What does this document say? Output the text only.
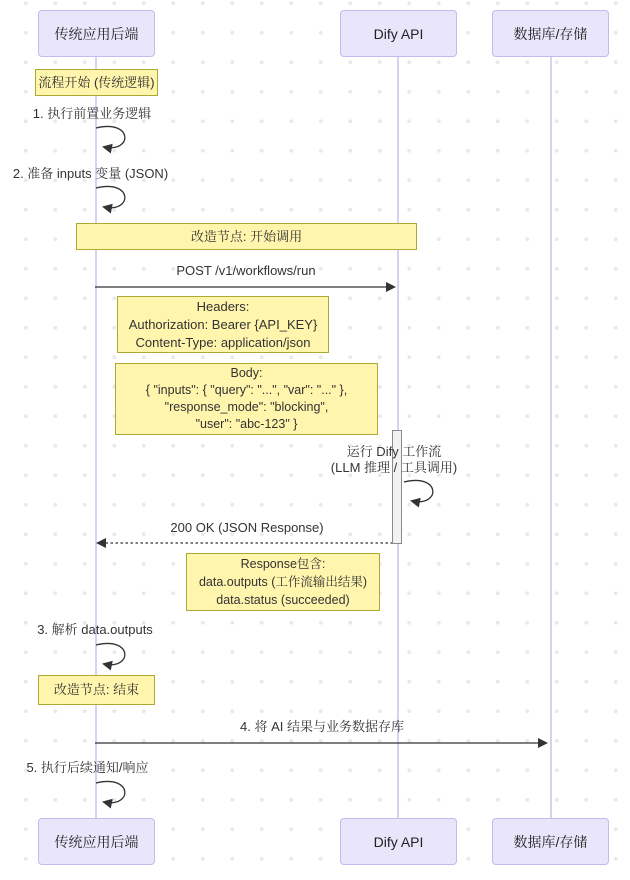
传统应用后端	Dify API	数据库/存储
传统应用后端	Dify API	数据库/存储
流程开始 (传统逻辑)
改造节点: 开始调用
Headers:
Authorization: Bearer {API_KEY}
Content-Type: application/json
Body:
{ "inputs": { "query": "...", "var": "..." },
"response_mode": "blocking",
"user": "abc-123" }
Response包含:
data.outputs (工作流输出结果)
data.status (succeeded)
改造节点: 结束
POST /v1/workflows/run
200 OK (JSON Response)
4. 将 AI 结果与业务数据存库
1. 执行前置业务逻辑
2. 准备 inputs 变量 (JSON)
运行 Dify 工作流
(LLM 推理 / 工具调用)
3. 解析 data.outputs
5. 执行后续通知/响应
